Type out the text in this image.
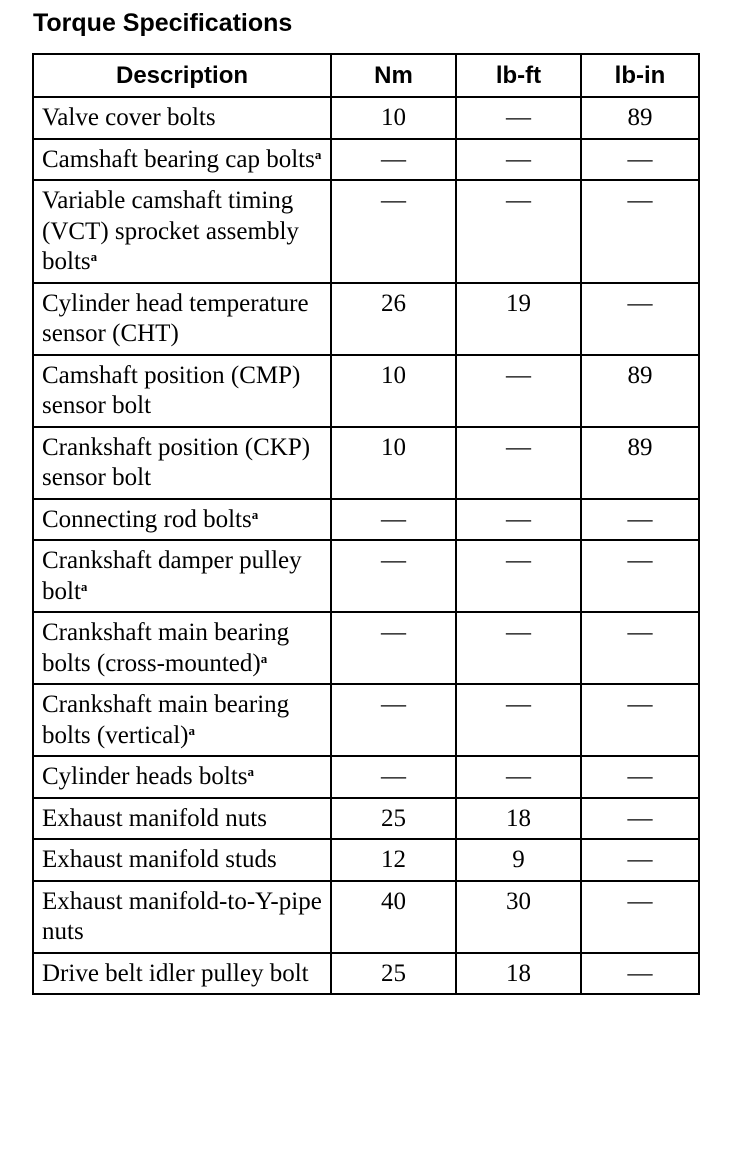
Torque Specifications
Description	Nm	lb-ft	lb-in
Valve cover bolts	10	—	89
Camshaft bearing cap bolts$^a$	—	—	—
Variable camshaft timing (VCT) sprocket assembly bolts$^a$	—	—	—
Cylinder head temperature sensor (CHT)	26	19	—
Camshaft position (CMP) sensor bolt	10	—	89
Crankshaft position (CKP) sensor bolt	10	—	89
Connecting rod bolts$^a$	—	—	—
Crankshaft damper pulley bolt$^a$	—	—	—
Crankshaft main bearing bolts (cross-mounted)$^a$	—	—	—
Crankshaft main bearing bolts (vertical)$^a$	—	—	—
Cylinder heads bolts$^a$	—	—	—
Exhaust manifold nuts	25	18	—
Exhaust manifold studs	12	9	—
Exhaust manifold-to-Y-pipe nuts	40	30	—
Drive belt idler pulley bolt	25	18	—
